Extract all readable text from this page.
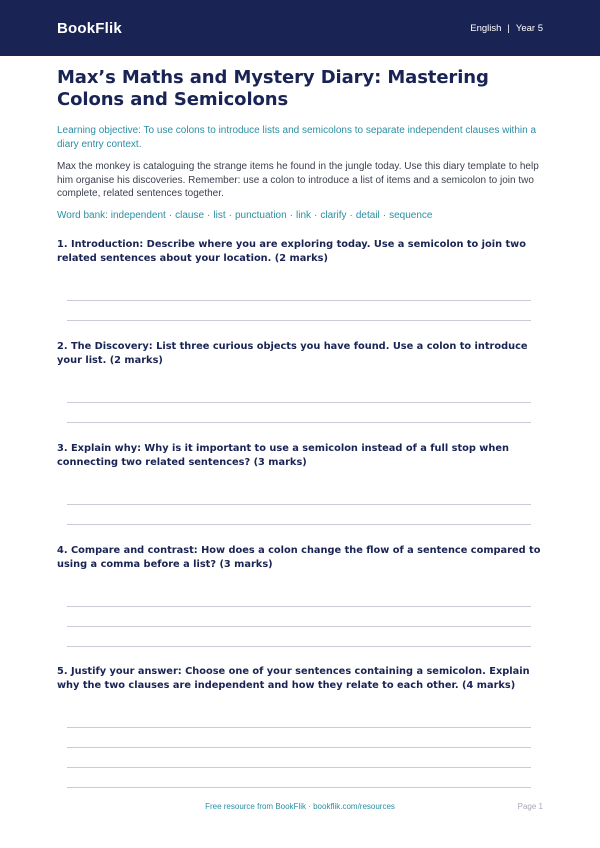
BookFlik	English | Year 5
Max’s Maths and Mystery Diary: Mastering Colons and Semicolons
Learning objective: To use colons to introduce lists and semicolons to separate independent clauses within a diary entry context.
Max the monkey is cataloguing the strange items he found in the jungle today. Use this diary template to help him organise his discoveries. Remember: use a colon to introduce a list of items and a semicolon to join two complete, related sentences together.
Word bank: independent · clause · list · punctuation · link · clarify · detail · sequence
1. Introduction: Describe where you are exploring today. Use a semicolon to join two related sentences about your location. (2 marks)
2. The Discovery: List three curious objects you have found. Use a colon to introduce your list. (2 marks)
3. Explain why: Why is it important to use a semicolon instead of a full stop when connecting two related sentences? (3 marks)
4. Compare and contrast: How does a colon change the flow of a sentence compared to using a comma before a list? (3 marks)
5. Justify your answer: Choose one of your sentences containing a semicolon. Explain why the two clauses are independent and how they relate to each other. (4 marks)
Free resource from BookFlik · bookflik.com/resources	Page 1
